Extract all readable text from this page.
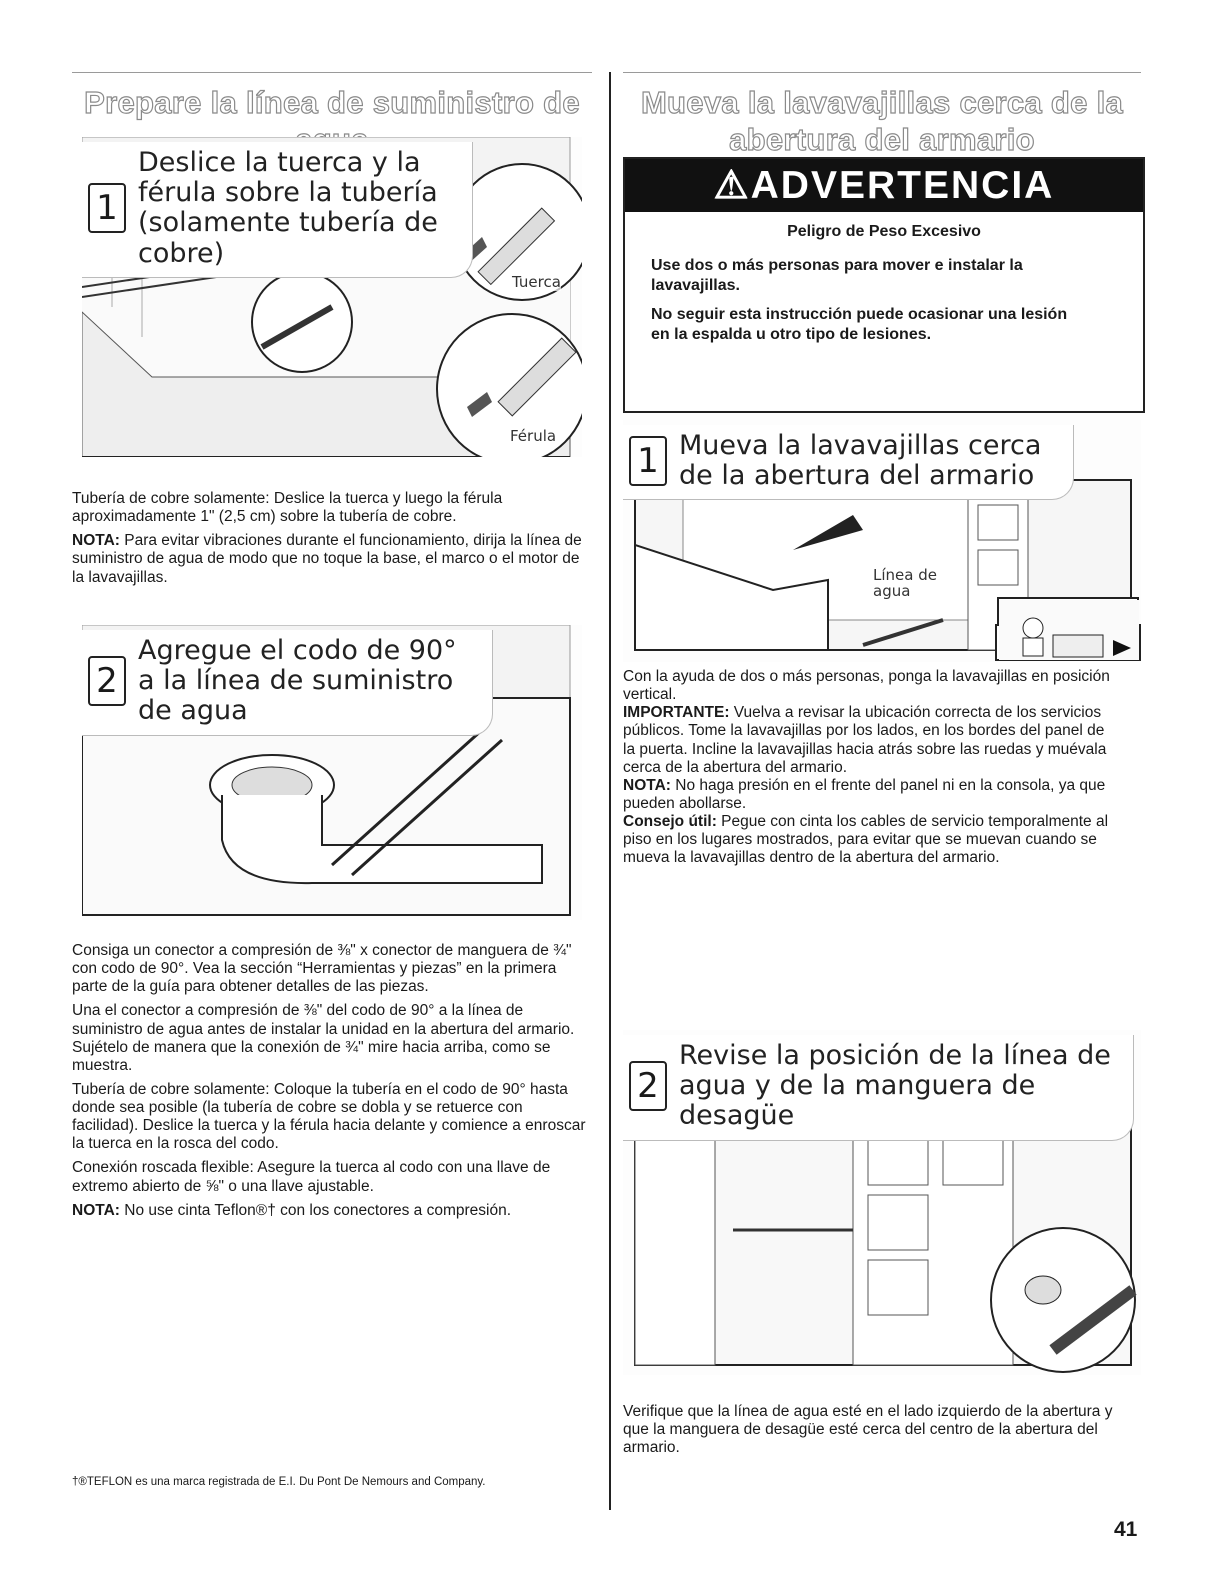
Prepare la línea de suministro de
1
Deslice la tuerca y la férula sobre la tubería (solamente tubería de cobre)
Tuerca
Férula

Tubería de cobre solamente: Deslice la tuerca y luego la férula aproximadamente 1" (2,5 cm) sobre la tubería de cobre.

NOTA: Para evitar vibraciones durante el funcionamiento, dirija la línea de suministro de agua de modo que no toque la base, el marco o el motor de la lavavajillas.

2
Agregue el codo de 90° a la línea de suministro de agua

Consiga un conector a compresión de ⅜" x conector de manguera de ¾" con codo de 90°. Vea la sección “Herramientas y piezas” en la primera parte de la guía para obtener detalles de las piezas.

Una el conector a compresión de ⅜" del codo de 90° a la línea de suministro de agua antes de instalar la unidad en la abertura del armario. Sujételo de manera que la conexión de ¾" mire hacia arriba, como se muestra.

Tubería de cobre solamente: Coloque la tubería en el codo de 90° hasta donde sea posible (la tubería de cobre se dobla y se retuerce con facilidad). Deslice la tuerca y la férula hacia delante y comience a enroscar la tuerca en la rosca del codo.

Conexión roscada flexible: Asegure la tuerca al codo con una llave de extremo abierto de ⅝" o una llave ajustable.

NOTA: No use cinta Teflon®† con los conectores a compresión.

†®TEFLON es una marca registrada de E.I. Du Pont De Nemours and Company.
Mueva la lavavajillas cerca de la
abertura del armario
⚠ADVERTENCIA

Peligro de Peso Excesivo

Use dos o más personas para mover e instalar la lavavajillas.

No seguir esta instrucción puede ocasionar una lesión en la espalda u otro tipo de lesiones.

1 Mueva la lavavajillas cerca de la abertura del armario
Línea de agua

Con la ayuda de dos o más personas, ponga la lavavajillas en posición vertical.

IMPORTANTE: Vuelva a revisar la ubicación correcta de los servicios públicos. Tome la lavavajillas por los lados, en los bordes del panel de la puerta. Incline la lavavajillas hacia atrás sobre las ruedas y muévala cerca de la abertura del armario.

NOTA: No haga presión en el frente del panel ni en la consola, ya que pueden abollarse.

Consejo útil: Pegue con cinta los cables de servicio temporalmente al piso en los lugares mostrados, para evitar que se muevan cuando se mueva la lavavajillas dentro de la abertura del armario.

2
Revise la posición de la línea de agua y de la manguera de desagüe

Verifique que la línea de agua esté en el lado izquierdo de la abertura y que la manguera de desagüe esté cerca del centro de la abertura del armario.

41
